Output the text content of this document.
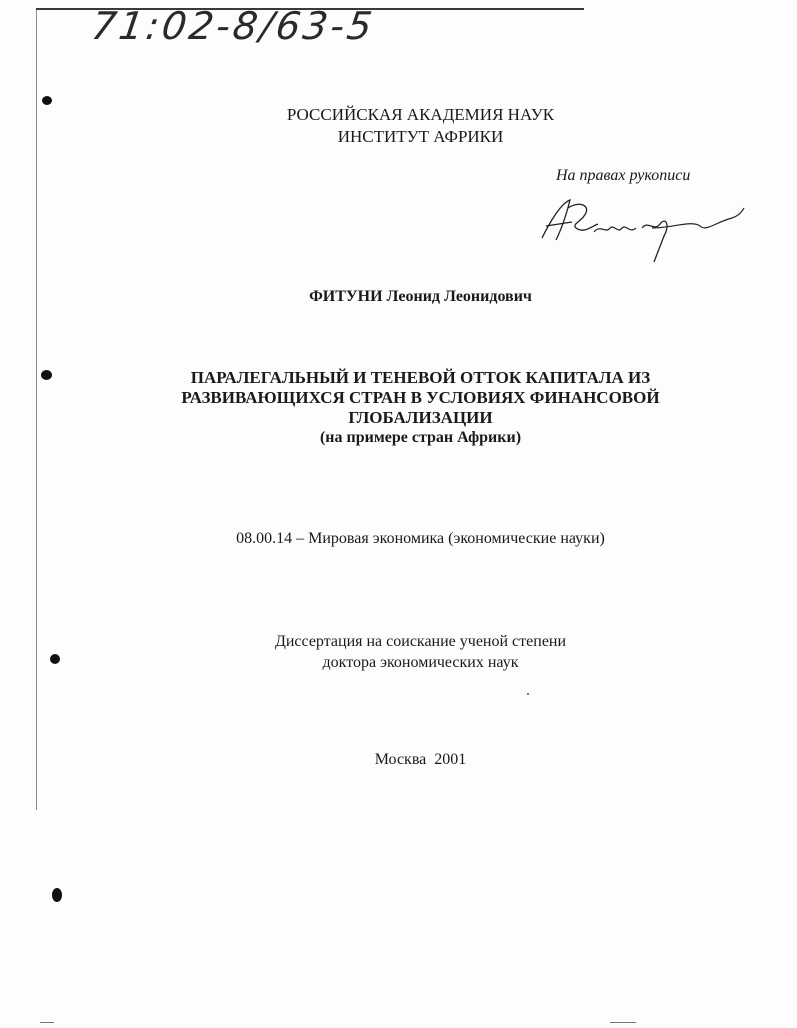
71:02-8/63-5
РОССИЙСКАЯ АКАДЕМИЯ НАУК
ИНСТИТУТ АФРИКИ
На правах рукописи
ФИТУНИ Леонид Леонидович
ПАРАЛЕГАЛЬНЫЙ И ТЕНЕВОЙ ОТТОК КАПИТАЛА ИЗ
РАЗВИВАЮЩИХСЯ СТРАН В УСЛОВИЯХ ФИНАНСОВОЙ
ГЛОБАЛИЗАЦИИ
(на примере стран Африки)
08.00.14 – Мировая экономика (экономические науки)
Диссертация на соискание ученой степени
доктора экономических наук
Москва  2001
